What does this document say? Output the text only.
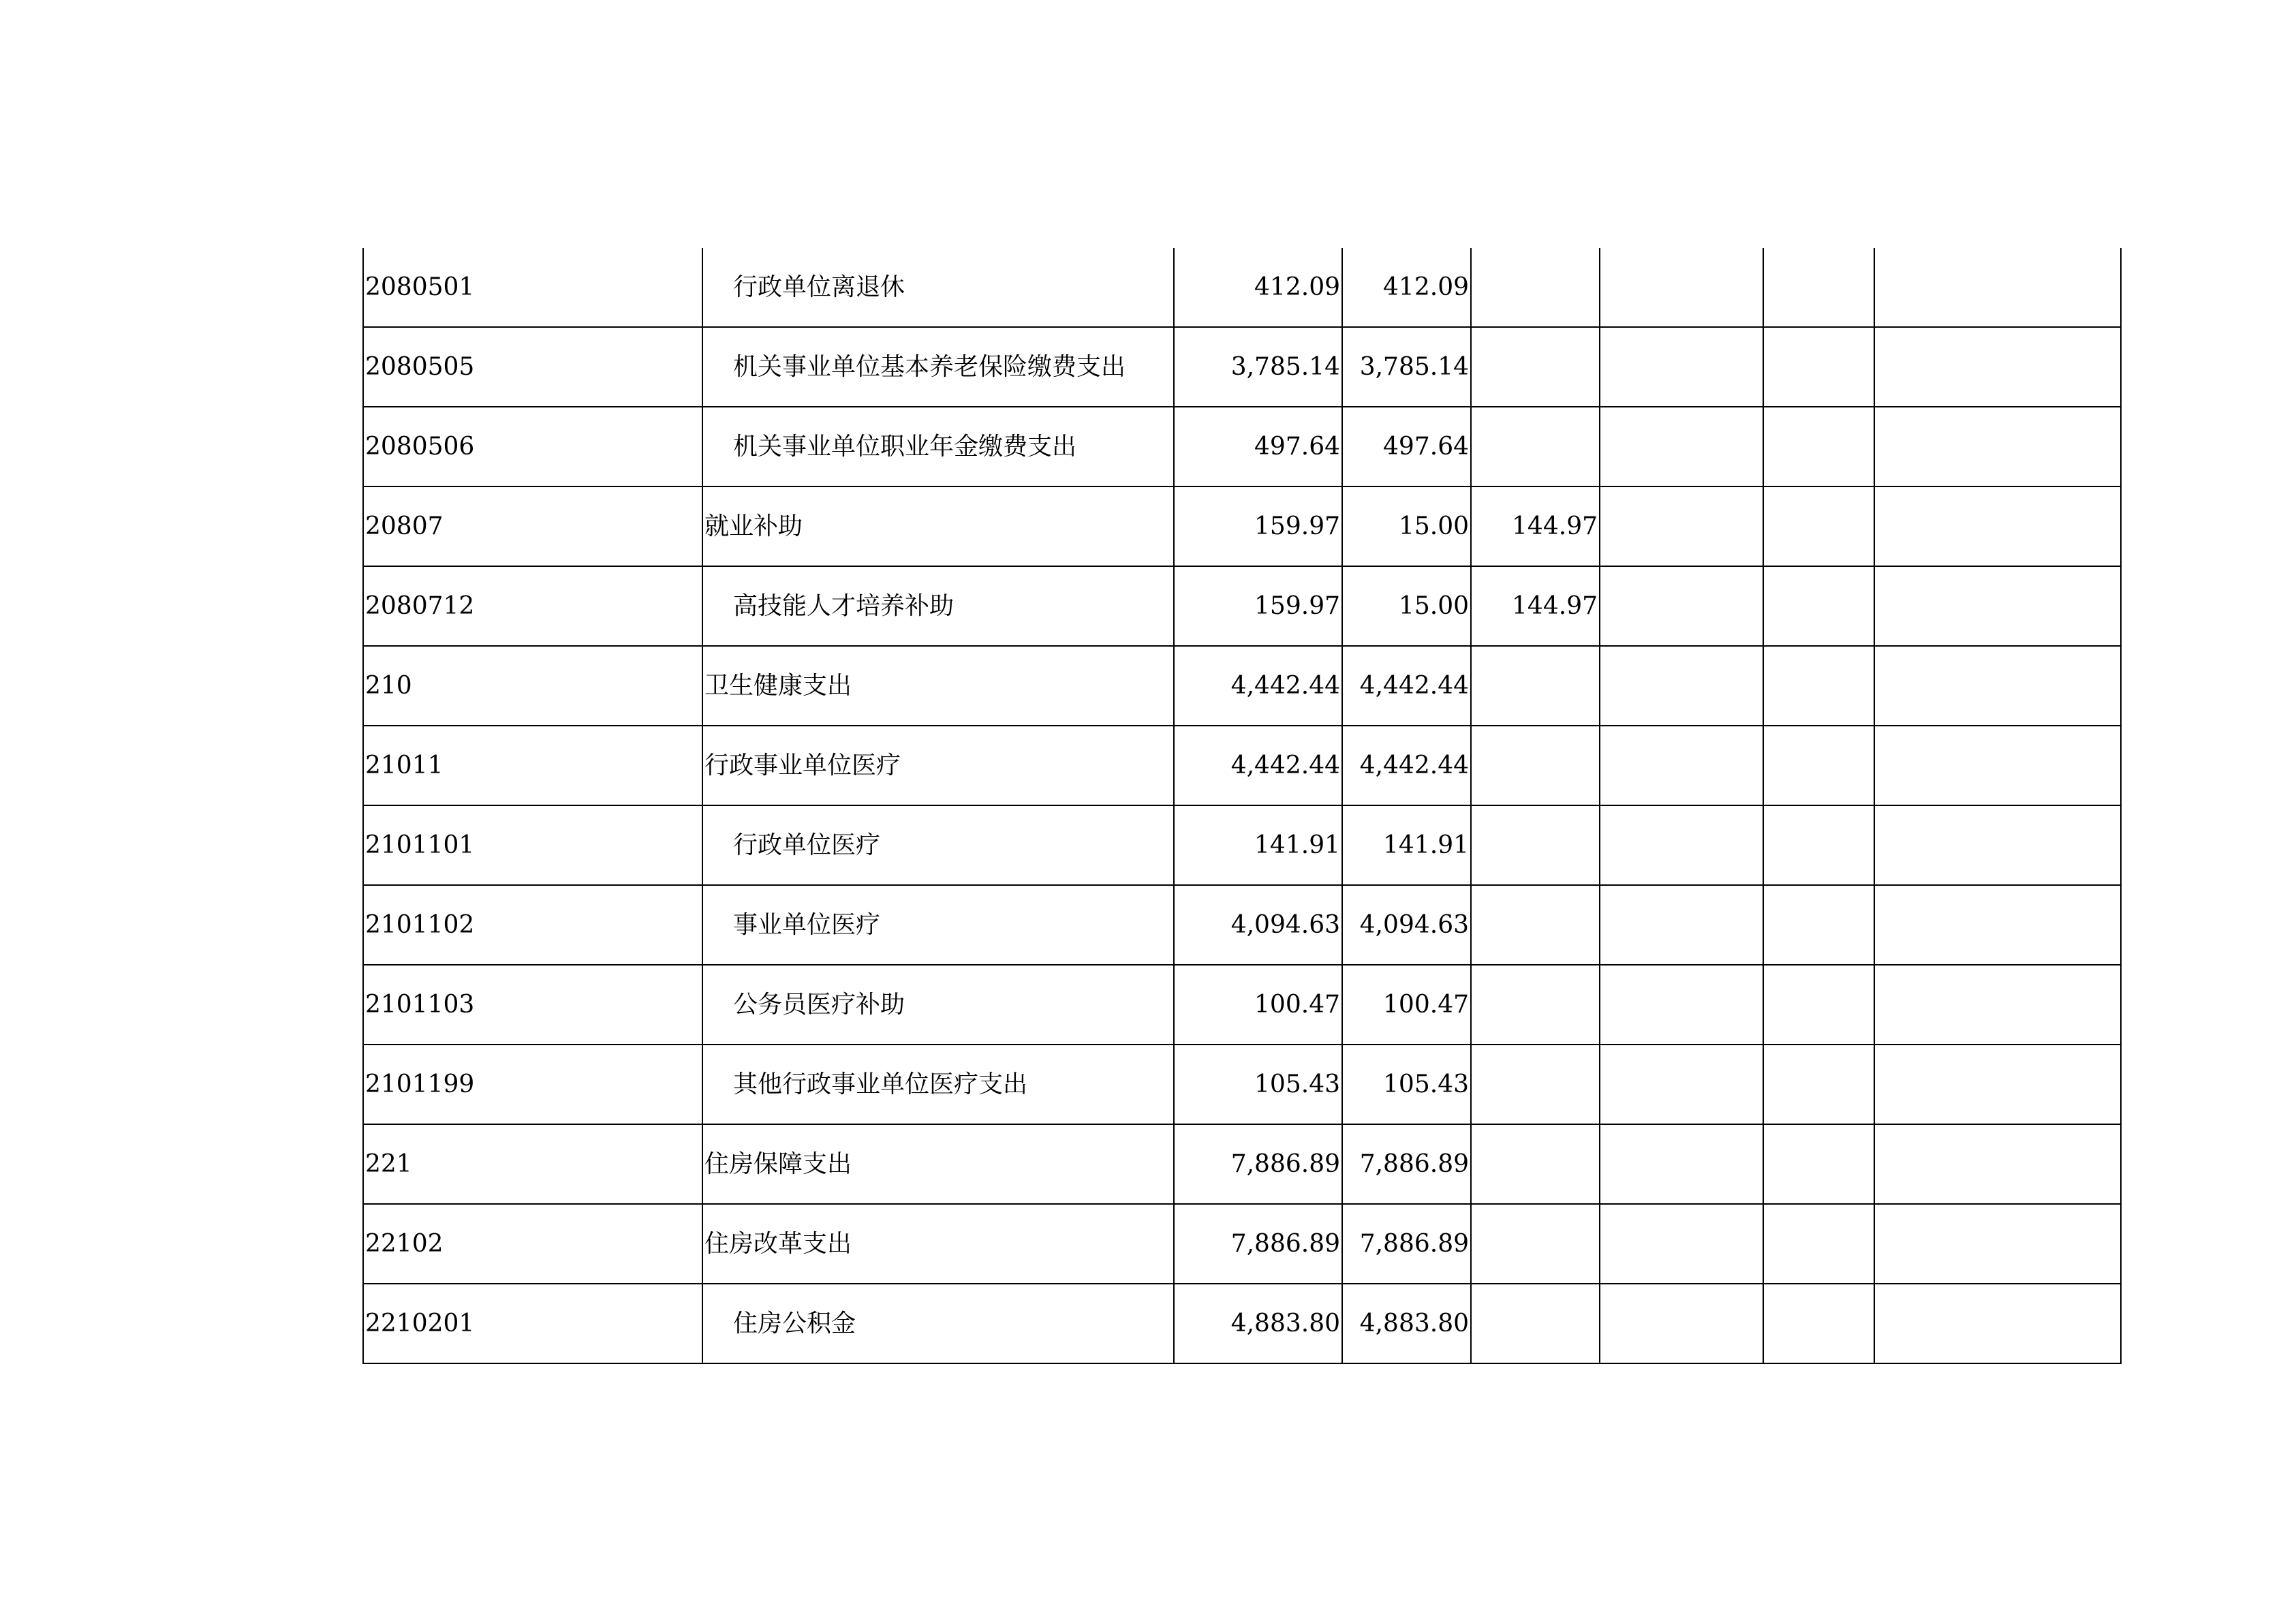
2080501	行政单位离退休	412.09	412.09				
2080505	机关事业单位基本养老保险缴费支出	3,785.14	3,785.14				
2080506	机关事业单位职业年金缴费支出	497.64	497.64				
20807	就业补助	159.97	15.00	144.97			
2080712	高技能人才培养补助	159.97	15.00	144.97			
210	卫生健康支出	4,442.44	4,442.44				
21011	行政事业单位医疗	4,442.44	4,442.44				
2101101	行政单位医疗	141.91	141.91				
2101102	事业单位医疗	4,094.63	4,094.63				
2101103	公务员医疗补助	100.47	100.47				
2101199	其他行政事业单位医疗支出	105.43	105.43				
221	住房保障支出	7,886.89	7,886.89				
22102	住房改革支出	7,886.89	7,886.89				
2210201	住房公积金	4,883.80	4,883.80				
